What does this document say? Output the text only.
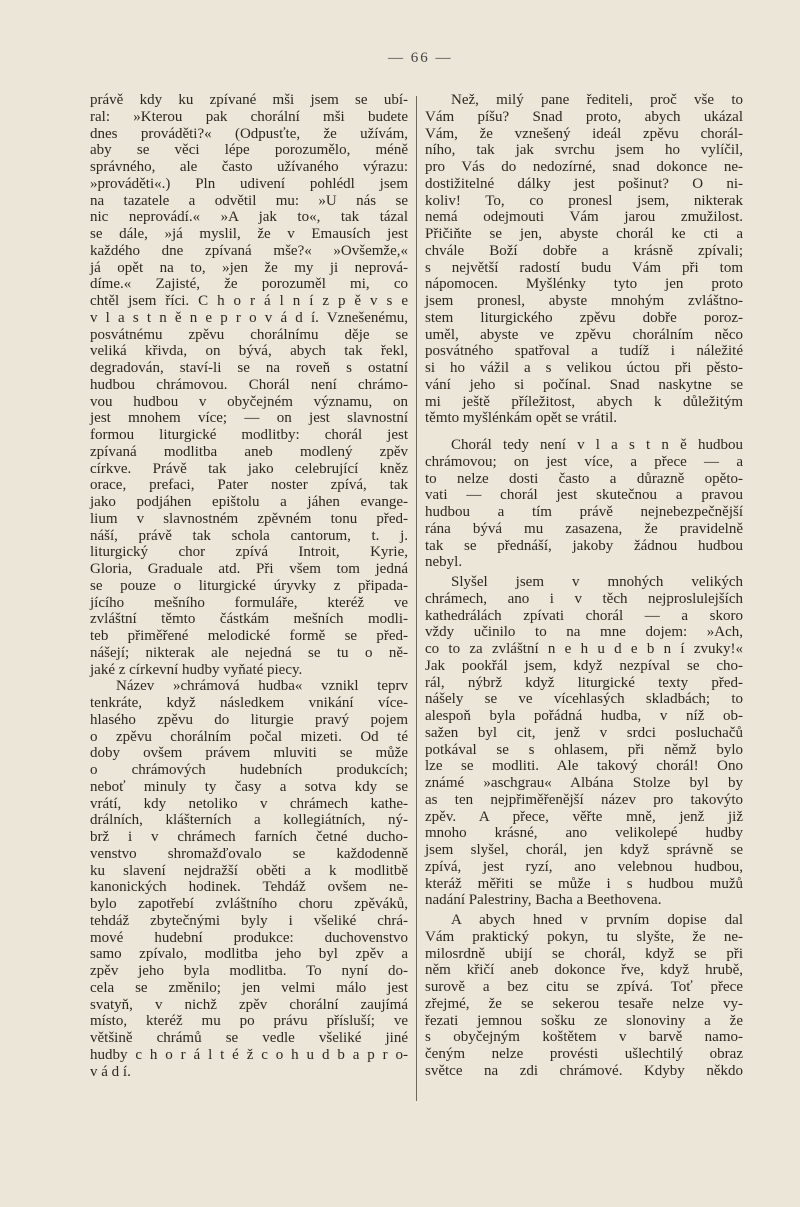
— 66 —
právě kdy ku zpívané mši jsem se ubí-
ral: »Kterou pak chorální mši budete
dnes prováděti?« (Odpusťte, že užívám,
aby se věci lépe porozumělo, méně
správného, ale často užívaného výrazu:
»prováděti«.) Pln udivení pohlédl jsem
na tazatele a odvětil mu: »U nás se
nic neprovádí.« »A jak to«, tak tázal
se dále, »já myslil, že v Emausích jest
každého dne zpívaná mše?« »Ovšemže,«
já opět na to, »jen že my ji neprová-
díme.« Zajisté, že porozuměl mi, co
chtěl jsem říci. C h o r á l n í z p ě v s e
v l a s t n ě n e p r o v á d í. Vznešenému,
posvátnému zpěvu chorálnímu děje se
veliká křivda, on bývá, abych tak řekl,
degradován, staví-li se na roveň s ostatní
hudbou chrámovou. Chorál není chrámo-
vou hudbou v obyčejném významu, on
jest mnohem více; — on jest slavnostní
formou liturgické modlitby: chorál jest
zpívaná modlitba aneb modlený zpěv
církve. Právě tak jako celebrující kněz
orace, prefaci, Pater noster zpívá, tak
jako podjáhen epištolu a jáhen evange-
lium v slavnostném zpěvném tonu před-
náší, právě tak schola cantorum, t. j.
liturgický chor zpívá Introit, Kyrie,
Gloria, Graduale atd. Při všem tom jedná
se pouze o liturgické úryvky z připada-
jícího mešního formuláře, kteréž ve
zvláštní těmto částkám mešních modli-
teb přiměřené melodické formě se před-
nášejí; nikterak ale nejedná se tu o ně-
jaké z církevní hudby vyňaté piecy.
Název »chrámová hudba« vznikl teprv
tenkráte, když následkem vnikání více-
hlasého zpěvu do liturgie pravý pojem
o zpěvu chorálním počal mizeti. Od té
doby ovšem právem mluviti se může
o chrámových hudebních produkcích;
neboť minuly ty časy a sotva kdy se
vrátí, kdy netoliko v chrámech kathe-
drálních, klášterních a kollegiátních, ný-
brž i v chrámech farních četné ducho-
venstvo shromažďovalo se každodenně
ku slavení nejdražší oběti a k modlitbě
kanonických hodinek. Tehdáž ovšem ne-
bylo zapotřebí zvláštního choru zpěváků,
tehdáž zbytečnými byly i všeliké chrá-
mové hudební produkce: duchovenstvo
samo zpívalo, modlitba jeho byl zpěv a
zpěv jeho byla modlitba. To nyní do-
cela se změnilo; jen velmi málo jest
svatyň, v nichž zpěv chorální zaujímá
místo, kteréž mu po právu přísluší; ve
většině chrámů se vedle všeliké jiné
hudby c h o r á l t é ž c o h u d b a p r o-
v á d í.
Než, milý pane řediteli, proč vše to
Vám píšu? Snad proto, abych ukázal
Vám, že vznešený ideál zpěvu chorál-
ního, tak jak svrchu jsem ho vylíčil,
pro Vás do nedozírné, snad dokonce ne-
dostižitelné dálky jest pošinut? O ni-
koliv! To, co pronesl jsem, nikterak
nemá odejmouti Vám jarou zmužilost.
Přičiňte se jen, abyste chorál ke cti a
chvále Boží dobře a krásně zpívali;
s největší radostí budu Vám při tom
nápomocen. Myšlénky tyto jen proto
jsem pronesl, abyste mnohým zvláštno-
stem liturgického zpěvu dobře poroz-
uměl, abyste ve zpěvu chorálním něco
posvátného spatřoval a tudíž i náležité
si ho vážil a s velikou úctou při pěsto-
vání jeho si počínal. Snad naskytne se
mi ještě příležitost, abych k důležitým
těmto myšlénkám opět se vrátil.
Chorál tedy není v l a s t n ě hudbou
chrámovou; on jest více, a přece — a
to nelze dosti často a důrazně opěto-
vati — chorál jest skutečnou a pravou
hudbou a tím právě nejnebezpečnější
rána bývá mu zasazena, že pravidelně
tak se přednáší, jakoby žádnou hudbou
nebyl.
Slyšel jsem v mnohých velikých
chrámech, ano i v těch nejproslulejších
kathedrálách zpívati chorál — a skoro
vždy učinilo to na mne dojem: »Ach,
co to za zvláštní n e h u d e b n í zvuky!«
Jak pookřál jsem, když nezpíval se cho-
rál, nýbrž když liturgické texty před-
nášely se ve vícehlasých skladbách; to
alespoň byla pořádná hudba, v níž ob-
sažen byl cit, jenž v srdci posluchačů
potkával se s ohlasem, při němž bylo
lze se modliti. Ale takový chorál! Ono
známé »aschgrau« Albána Stolze byl by
as ten nejpřiměřenější název pro takovýto
zpěv. A přece, věřte mně, jenž již
mnoho krásné, ano velikolepé hudby
jsem slyšel, chorál, jen když správně se
zpívá, jest ryzí, ano velebnou hudbou,
kteráž měřiti se může i s hudbou mužů
nadání Palestriny, Bacha a Beethovena.
A abych hned v prvním dopise dal
Vám praktický pokyn, tu slyšte, že ne-
milosrdně ubijí se chorál, když se při
něm křičí aneb dokonce řve, když hrubě,
surově a bez citu se zpívá. Toť přece
zřejmé, že se sekerou tesaře nelze vy-
řezati jemnou sošku ze slonoviny a že
s obyčejným koštětem v barvě namo-
čeným nelze provésti ušlechtilý obraz
světce na zdi chrámové. Kdyby někdo
